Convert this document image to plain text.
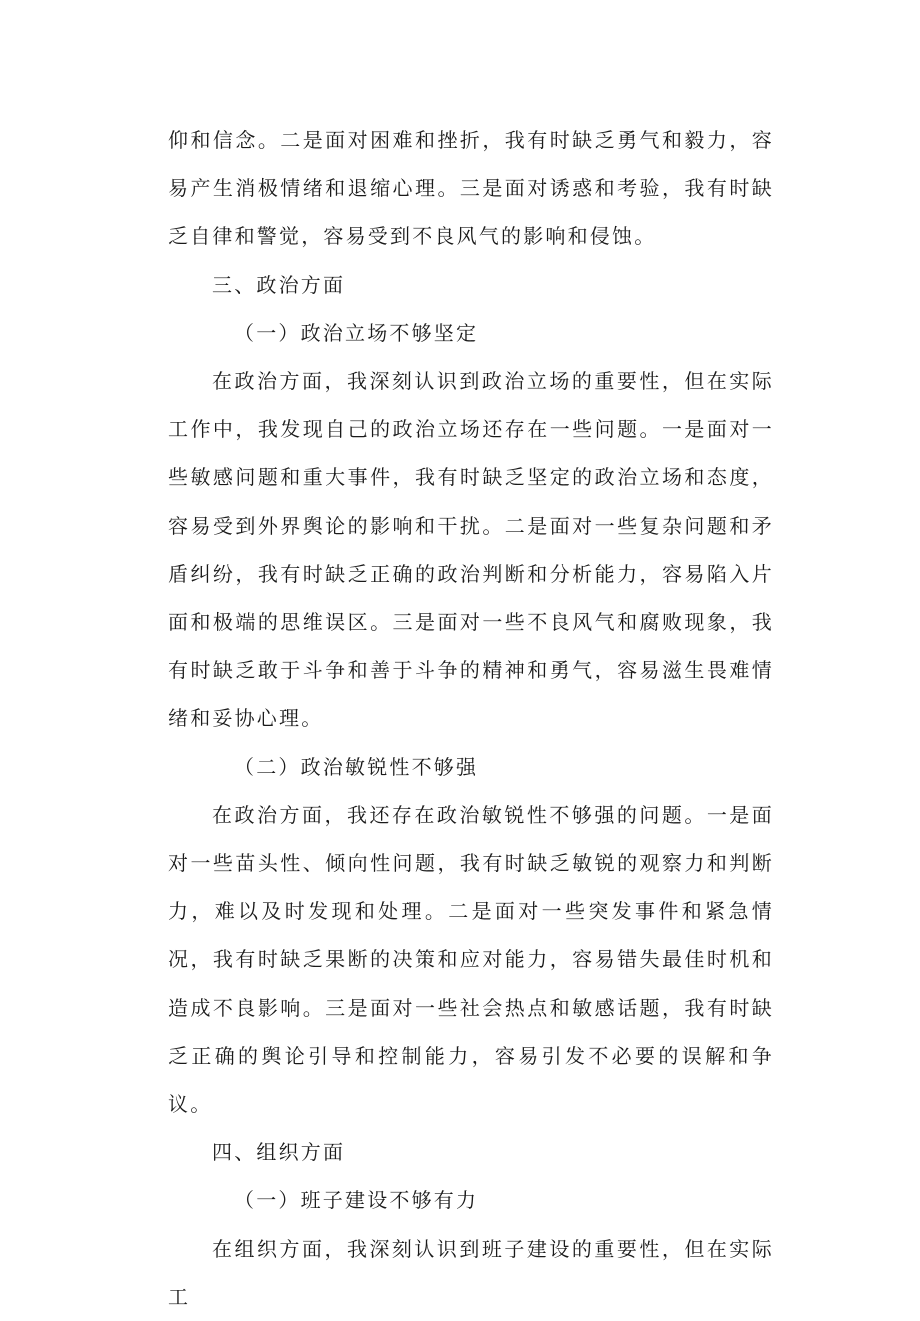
仰和信念。二是面对困难和挫折，我有时缺乏勇气和毅力，容易产生消极情绪和退缩心理。三是面对诱惑和考验，我有时缺乏自律和警觉，容易受到不良风气的影响和侵蚀。

三、政治方面

（一）政治立场不够坚定

在政治方面，我深刻认识到政治立场的重要性，但在实际工作中，我发现自己的政治立场还存在一些问题。一是面对一些敏感问题和重大事件，我有时缺乏坚定的政治立场和态度，容易受到外界舆论的影响和干扰。二是面对一些复杂问题和矛盾纠纷，我有时缺乏正确的政治判断和分析能力，容易陷入片面和极端的思维误区。三是面对一些不良风气和腐败现象，我有时缺乏敢于斗争和善于斗争的精神和勇气，容易滋生畏难情绪和妥协心理。

（二）政治敏锐性不够强

在政治方面，我还存在政治敏锐性不够强的问题。一是面对一些苗头性、倾向性问题，我有时缺乏敏锐的观察力和判断力，难以及时发现和处理。二是面对一些突发事件和紧急情况，我有时缺乏果断的决策和应对能力，容易错失最佳时机和造成不良影响。三是面对一些社会热点和敏感话题，我有时缺乏正确的舆论引导和控制能力，容易引发不必要的误解和争议。

四、组织方面

（一）班子建设不够有力

在组织方面，我深刻认识到班子建设的重要性，但在实际工
